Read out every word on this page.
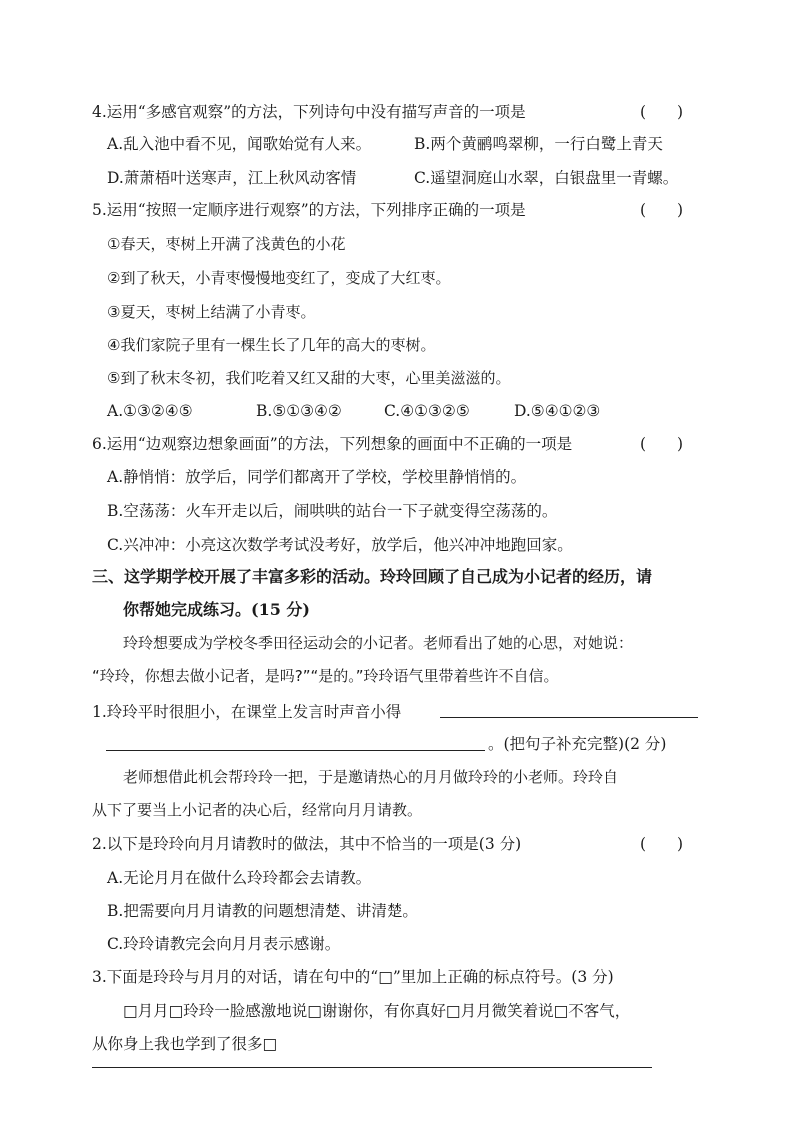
4.运用“多感官观察”的方法，下列诗句中没有描写声音的一项是	(　　)
A.乱入池中看不见，闻歌始觉有人来。	B.两个黄鹂鸣翠柳，一行白鹭上青天
D.萧萧梧叶送寒声，江上秋风动客情	C.遥望洞庭山水翠，白银盘里一青螺。
5.运用“按照一定顺序进行观察”的方法，下列排序正确的一项是	(　　)
①春天，枣树上开满了浅黄色的小花
②到了秋天，小青枣慢慢地变红了，变成了大红枣。
③夏天，枣树上结满了小青枣。
④我们家院子里有一棵生长了几年的高大的枣树。
⑤到了秋末冬初，我们吃着又红又甜的大枣，心里美滋滋的。
A.①③②④⑤	B.⑤①③④②	C.④①③②⑤	D.⑤④①②③
6.运用“边观察边想象画面”的方法，下列想象的画面中不正确的一项是	(　　)
A.静悄悄：放学后，同学们都离开了学校，学校里静悄悄的。
B.空荡荡：火车开走以后，闹哄哄的站台一下子就变得空荡荡的。
C.兴冲冲：小亮这次数学考试没考好，放学后，他兴冲冲地跑回家。
三、这学期学校开展了丰富多彩的活动。玲玲回顾了自己成为小记者的经历，请
你帮她完成练习。(15 分)
玲玲想要成为学校冬季田径运动会的小记者。老师看出了她的心思，对她说：
“玲玲，你想去做小记者，是吗?”“是的。”玲玲语气里带着些许不自信。
1.玲玲平时很胆小，在课堂上发言时声音小得
。(把句子补充完整)(2 分)
老师想借此机会帮玲玲一把，于是邀请热心的月月做玲玲的小老师。玲玲自
从下了要当上小记者的决心后，经常向月月请教。
2.以下是玲玲向月月请教时的做法，其中不恰当的一项是(3 分)	(　　)
A.无论月月在做什么玲玲都会去请教。
B.把需要向月月请教的问题想清楚、讲清楚。
C.玲玲请教完会向月月表示感谢。
3.下面是玲玲与月月的对话，请在句中的“□”里加上正确的标点符号。(3 分)
□月月□玲玲一脸感激地说□谢谢你，有你真好□月月微笑着说□不客气，
从你身上我也学到了很多□
